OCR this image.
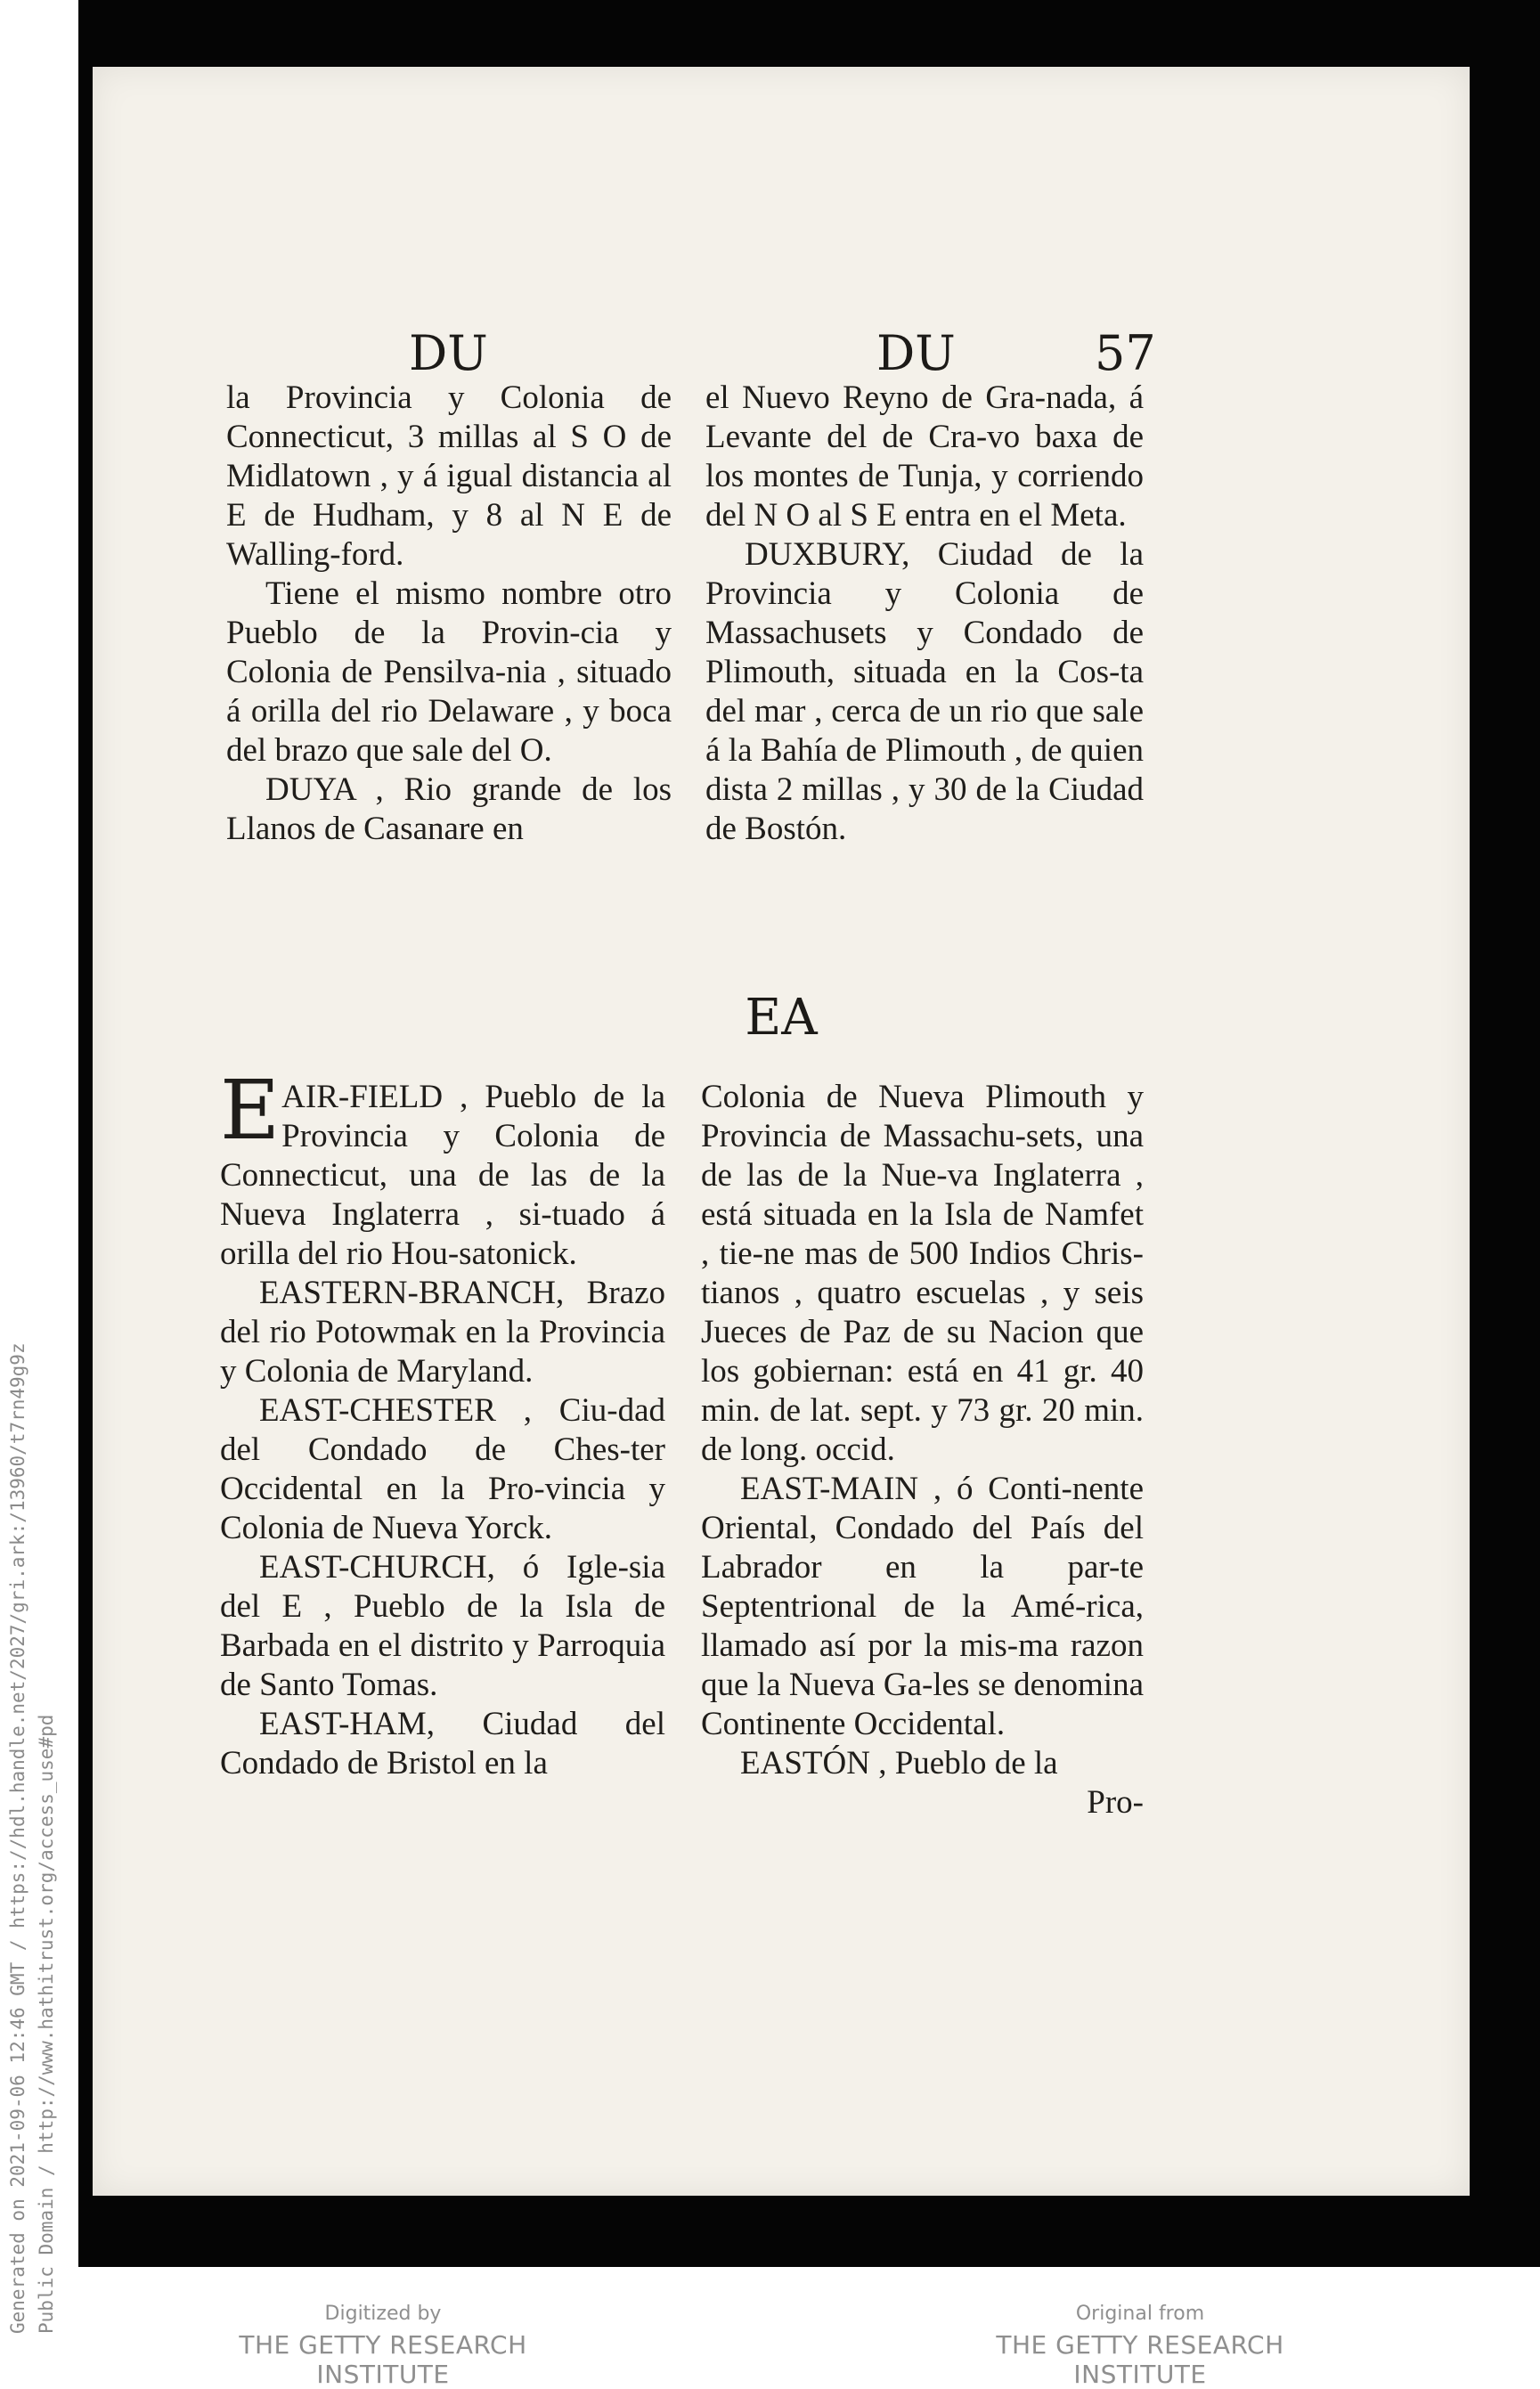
DU	DU	57

la Provincia y Colonia de Connecticut, 3 millas al S O de Midlatown , y á igual distancia al E de Hudham, y 8 al N E de Walling-ford.

Tiene el mismo nombre otro Pueblo de la Provin-cia y Colonia de Pensilva-nia , situado á orilla del rio Delaware , y boca del brazo que sale del O.

DUYA , Rio grande de los Llanos de Casanare en

el Nuevo Reyno de Gra-nada, á Levante del de Cra-vo baxa de los montes de Tunja, y corriendo del N O al S E entra en el Meta.

DUXBURY, Ciudad de la Provincia y Colonia de Massachusets y Condado de Plimouth, situada en la Cos-ta del mar , cerca de un rio que sale á la Bahía de Plimouth , de quien dista 2 millas , y 30 de la Ciudad de Bostón.

EA

EAIR-FIELD , Pueblo de la Provincia y Colonia de Connecticut, una de las de la Nueva Inglaterra , si-tuado á orilla del rio Hou-satonick.

EASTERN-BRANCH, Brazo del rio Potowmak en la Provincia y Colonia de Maryland.

EAST-CHESTER , Ciu-dad del Condado de Ches-ter Occidental en la Pro-vincia y Colonia de Nueva Yorck.

EAST-CHURCH, ó Igle-sia del E , Pueblo de la Isla de Barbada en el distrito y Parroquia de Santo Tomas.

EAST-HAM, Ciudad del Condado de Bristol en la

Colonia de Nueva Plimouth y Provincia de Massachu-sets, una de las de la Nue-va Inglaterra , está situada en la Isla de Namfet , tie-ne mas de 500 Indios Chris-tianos , quatro escuelas , y seis Jueces de Paz de su Nacion que los gobiernan: está en 41 gr. 40 min. de lat. sept. y 73 gr. 20 min. de long. occid.

EAST-MAIN , ó Conti-nente Oriental, Condado del País del Labrador en la par-te Septentrional de la Amé-rica, llamado así por la mis-ma razon que la Nueva Ga-les se denomina Continente Occidental.

EASTÓN , Pueblo de la

Pro-

Generated on 2021-09-06 12:46 GMT / https://hdl.handle.net/2027/gri.ark:/13960/t7rn49g9z Public Domain / http://www.hathitrust.org/access_use#pd	Digitized by
THE GETTY RESEARCH INSTITUTE
Original from
THE GETTY RESEARCH INSTITUTE
